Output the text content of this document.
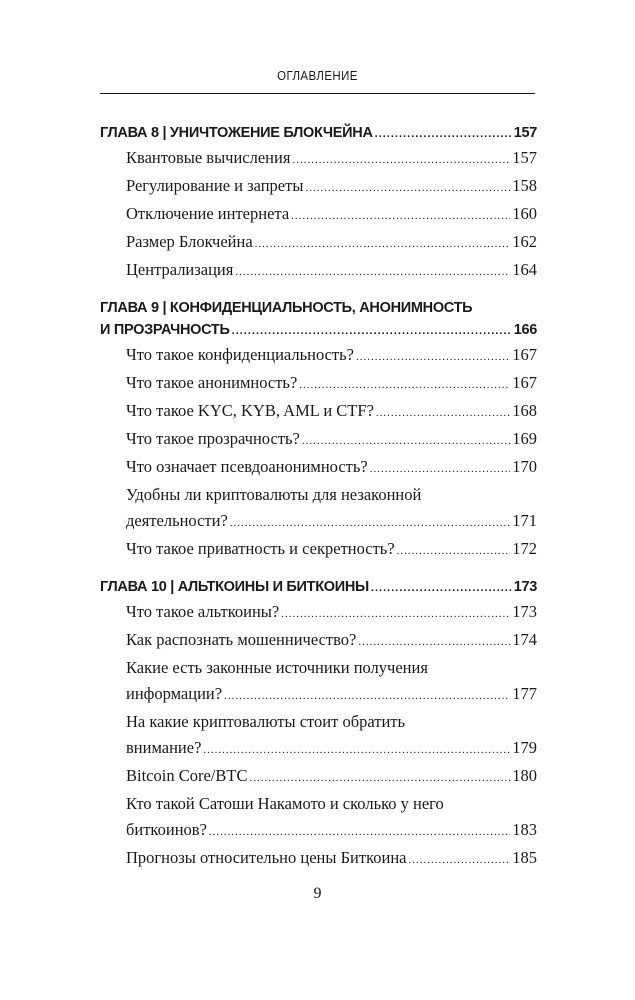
ОГЛАВЛЕНИЕ
ГЛАВА 8 | УНИЧТОЖЕНИЕ БЛОКЧЕЙНА .....	157
Квантовые вычисления .....	157
Регулирование и запреты .....	158
Отключение интернета .....	160
Размер Блокчейна .....	162
Централизация .....	164
ГЛАВА 9 | КОНФИДЕНЦИАЛЬНОСТЬ, АНОНИМНОСТЬ
И ПРОЗРАЧНОСТЬ .....	166
Что такое конфиденциальность? .....	167
Что такое анонимность? .....	167
Что такое KYC, KYB, AML и CTF? .....	168
Что такое прозрачность? .....	169
Что означает псевдоанонимность? .....	170
Удобны ли криптовалюты для незаконной
деятельности? .....	171
Что такое приватность и секретность? .....	172
ГЛАВА 10 | АЛЬТКОИНЫ И БИТКОИНЫ .....	173
Что такое альткоины? .....	173
Как распознать мошенничество? .....	174
Какие есть законные источники получения
информации? .....	177
На какие криптовалюты стоит обратить
внимание? .....	179
Bitcoin Core/BTC .....	180
Кто такой Сатоши Накамото и сколько у него
биткоинов? .....	183
Прогнозы относительно цены Биткоина .....	185
9
